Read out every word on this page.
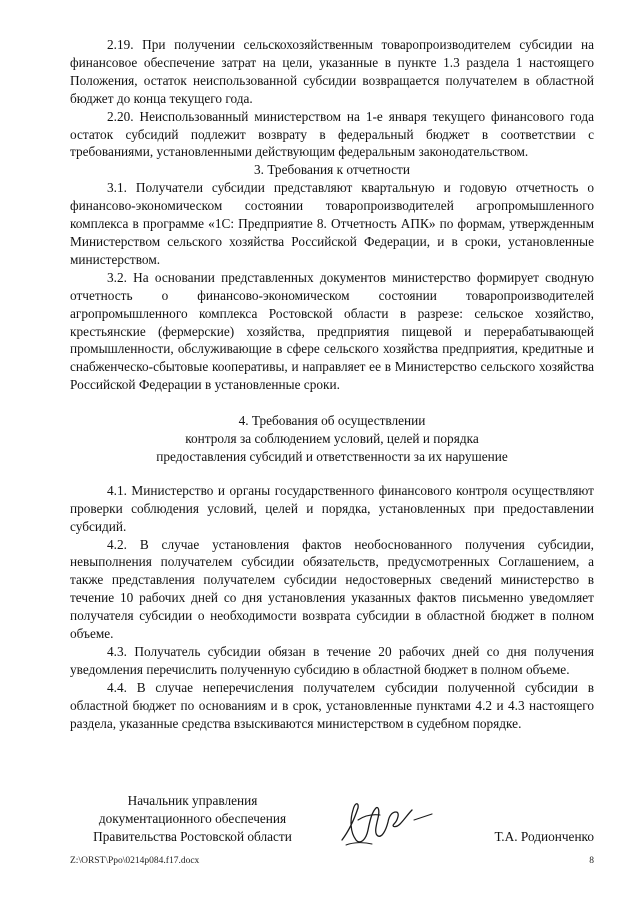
2.19. При получении сельскохозяйственным товаропроизводителем субсидии на финансовое обеспечение затрат на цели, указанные в пункте 1.3 раздела 1 настоящего Положения, остаток неиспользованной субсидии возвращается получателем в областной бюджет до конца текущего года.

2.20. Неиспользованный министерством на 1-е января текущего финансового года остаток субсидий подлежит возврату в федеральный бюджет в соответствии с требованиями, установленными действующим федеральным законодательством.

3. Требования к отчетности

3.1. Получатели субсидии представляют квартальную и годовую отчетность о финансово-экономическом состоянии товаропроизводителей агропромышленного комплекса в программе «1С: Предприятие 8. Отчетность АПК» по формам, утвержденным Министерством сельского хозяйства Российской Федерации, и в сроки, установленные министерством.

3.2. На основании представленных документов министерство формирует сводную отчетность о финансово-экономическом состоянии товаропроизводителей агропромышленного комплекса Ростовской области в разрезе: сельское хозяйство, крестьянские (фермерские) хозяйства, предприятия пищевой и перерабатывающей промышленности, обслуживающие в сфере сельского хозяйства предприятия, кредитные и снабженческо-сбытовые кооперативы, и направляет ее в Министерство сельского хозяйства Российской Федерации в установленные сроки.

4. Требования об осуществлении
контроля за соблюдением условий, целей и порядка
предоставления субсидий и ответственности за их нарушение

4.1. Министерство и органы государственного финансового контроля осуществляют проверки соблюдения условий, целей и порядка, установленных при предоставлении субсидий.

4.2. В случае установления фактов необоснованного получения субсидии, невыполнения получателем субсидии обязательств, предусмотренных Соглашением, а также представления получателем субсидии недостоверных сведений министерство в течение 10 рабочих дней со дня установления указанных фактов письменно уведомляет получателя субсидии о необходимости возврата субсидии в областной бюджет в полном объеме.

4.3. Получатель субсидии обязан в течение 20 рабочих дней со дня получения уведомления перечислить полученную субсидию в областной бюджет в полном объеме.

4.4. В случае неперечисления получателем субсидии полученной субсидии в областной бюджет по основаниям и в срок, установленные пунктами 4.2 и 4.3 настоящего раздела, указанные средства взыскиваются министерством в судебном порядке.

Начальник управления
документационного обеспечения
Правительства Ростовской области	Т.А. Родионченко
Z:\ORST\Ppo\0214p084.f17.docx	8
